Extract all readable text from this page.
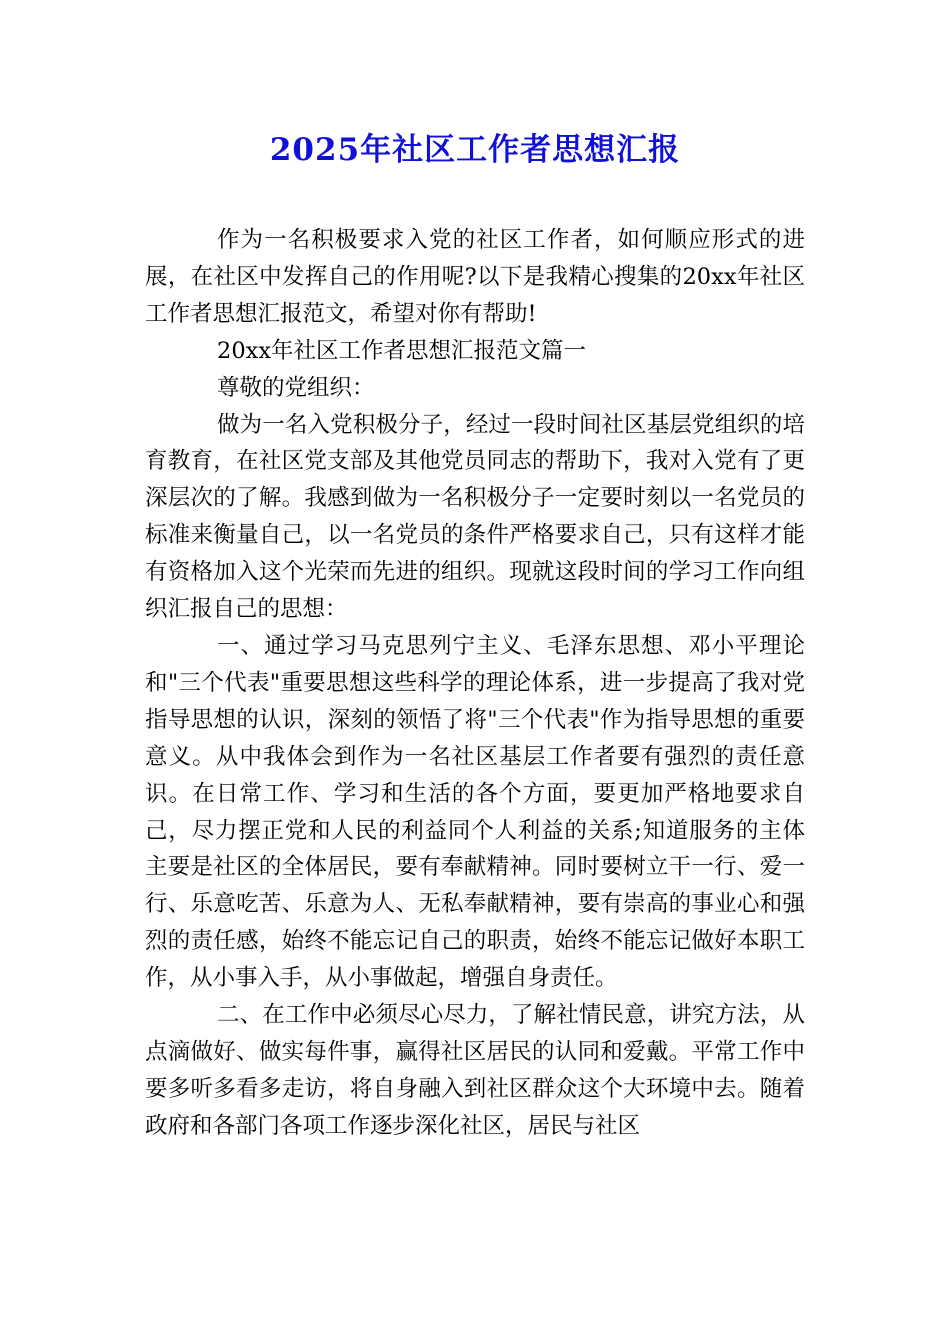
2025年社区工作者思想汇报

作为一名积极要求入党的社区工作者，如何顺应形式的进展，在社区中发挥自己的作用呢?以下是我精心搜集的20xx年社区工作者思想汇报范文，希望对你有帮助!

20xx年社区工作者思想汇报范文篇一

尊敬的党组织：

做为一名入党积极分子，经过一段时间社区基层党组织的培育教育，在社区党支部及其他党员同志的帮助下，我对入党有了更深层次的了解。我感到做为一名积极分子一定要时刻以一名党员的标准来衡量自己，以一名党员的条件严格要求自己，只有这样才能有资格加入这个光荣而先进的组织。现就这段时间的学习工作向组织汇报自己的思想：

一、通过学习马克思列宁主义、毛泽东思想、邓小平理论和"三个代表"重要思想这些科学的理论体系，进一步提高了我对党指导思想的认识，深刻的领悟了将"三个代表"作为指导思想的重要意义。从中我体会到作为一名社区基层工作者要有强烈的责任意识。在日常工作、学习和生活的各个方面，要更加严格地要求自己，尽力摆正党和人民的利益同个人利益的关系;知道服务的主体主要是社区的全体居民，要有奉献精神。同时要树立干一行、爱一行、乐意吃苦、乐意为人、无私奉献精神，要有崇高的事业心和强烈的责任感，始终不能忘记自己的职责，始终不能忘记做好本职工作，从小事入手，从小事做起，增强自身责任。

二、在工作中必须尽心尽力，了解社情民意，讲究方法，从点滴做好、做实每件事，赢得社区居民的认同和爱戴。平常工作中要多听多看多走访，将自身融入到社区群众这个大环境中去。随着政府和各部门各项工作逐步深化社区，居民与社区
